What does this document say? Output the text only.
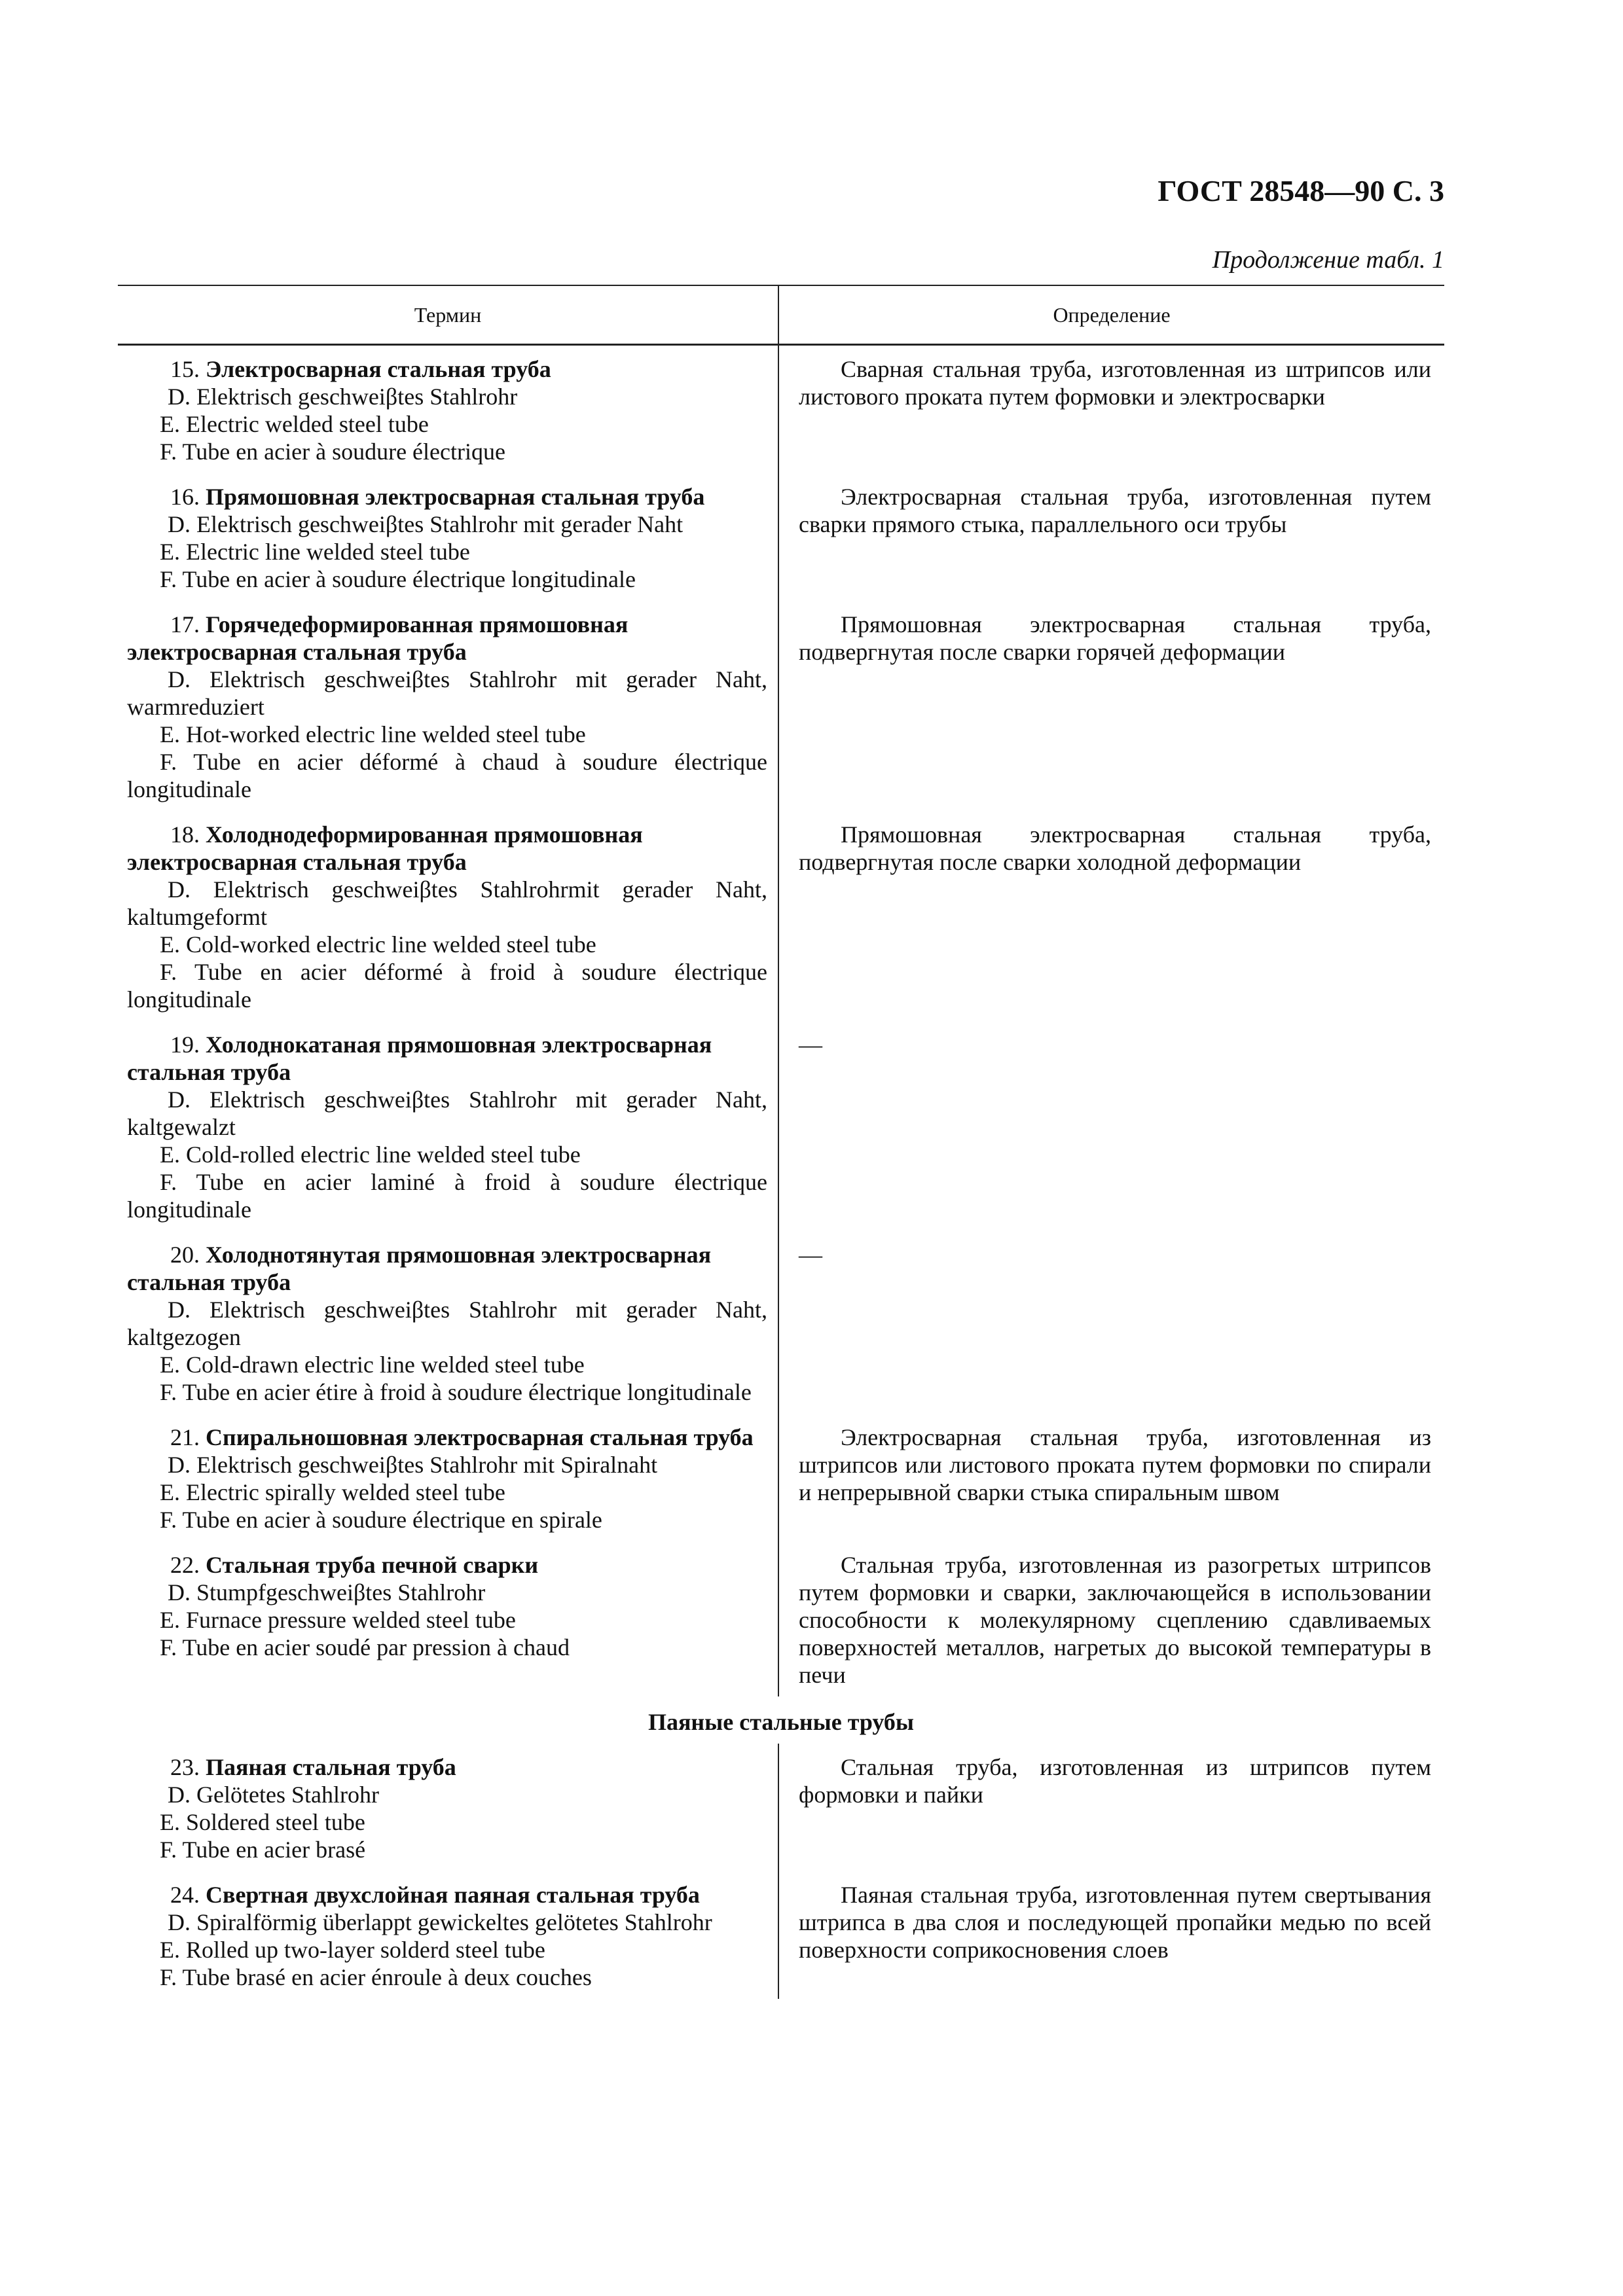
ГОСТ 28548—90 С. 3
Продолжение табл. 1
Термин	Определение
15. Электросварная стальная труба
D. Elektrisch geschweiβtes Stahlrohr
E. Electric welded steel tube
F. Tube en acier à soudure électrique
Сварная стальная труба, изготовленная из штрипсов или листового проката путем формовки и электросварки
16. Прямошовная электросварная стальная труба
D. Elektrisch geschweiβtes Stahlrohr mit gerader Naht
E. Electric line welded steel tube
F. Tube en acier à soudure électrique longitudinale
Электросварная стальная труба, изготовленная путем сварки прямого стыка, параллельного оси трубы
17. Горячедеформированная прямошовная электросварная стальная труба
D. Elektrisch geschweiβtes Stahlrohr mit gerader Naht, warmreduziert
E. Hot-worked electric line welded steel tube
F. Tube en acier déformé à chaud à soudure électrique longitudinale
Прямошовная электросварная стальная труба, подвергнутая после сварки горячей деформации
18. Холоднодеформированная прямошовная электросварная стальная труба
D. Elektrisch geschweiβtes Stahlrohrmit gerader Naht, kaltumgeformt
E. Cold-worked electric line welded steel tube
F. Tube en acier déformé à froid à soudure électrique longitudinale
Прямошовная электросварная стальная труба, подвергнутая после сварки холодной деформации
19. Холоднокатаная прямошовная электросварная стальная труба
D. Elektrisch geschweiβtes Stahlrohr mit gerader Naht, kaltgewalzt
E. Cold-rolled electric line welded steel tube
F. Tube en acier laminé à froid à soudure électrique longitudinale
—
20. Холоднотянутая прямошовная электросварная стальная труба
D. Elektrisch geschweiβtes Stahlrohr mit gerader Naht, kaltgezogen
E. Cold-drawn electric line welded steel tube
F. Tube en acier étire à froid à soudure électrique longitudinale
—
21. Спиральношовная электросварная стальная труба
D. Elektrisch geschweiβtes Stahlrohr mit Spiralnaht
E. Electric spirally welded steel tube
F. Tube en acier à soudure électrique en spirale
Электросварная стальная труба, изготовленная из штрипсов или листового проката путем формовки по спирали и непрерывной сварки стыка спиральным швом
22. Стальная труба печной сварки
D. Stumpfgeschweiβtes Stahlrohr
E. Furnace pressure welded steel tube
F. Tube en acier soudé par pression à chaud
Стальная труба, изготовленная из разогретых штрипсов путем формовки и сварки, заключающейся в использовании способности к молекулярному сцеплению сдавливаемых поверхностей металлов, нагретых до высокой температуры в печи
Паяные стальные трубы
23. Паяная стальная труба
D. Gelötetes Stahlrohr
E. Soldered steel tube
F. Tube en acier brasé
Стальная труба, изготовленная из штрипсов путем формовки и пайки
24. Свертная двухслойная паяная стальная труба
D. Spiralförmig überlappt gewickeltes gelötetes Stahlrohr
E. Rolled up two-layer solderd steel tube
F. Tube brasé en acier énroule à deux couches
Паяная стальная труба, изготовленная путем свертывания штрипса в два слоя и последующей пропайки медью по всей поверхности соприкосновения слоев
